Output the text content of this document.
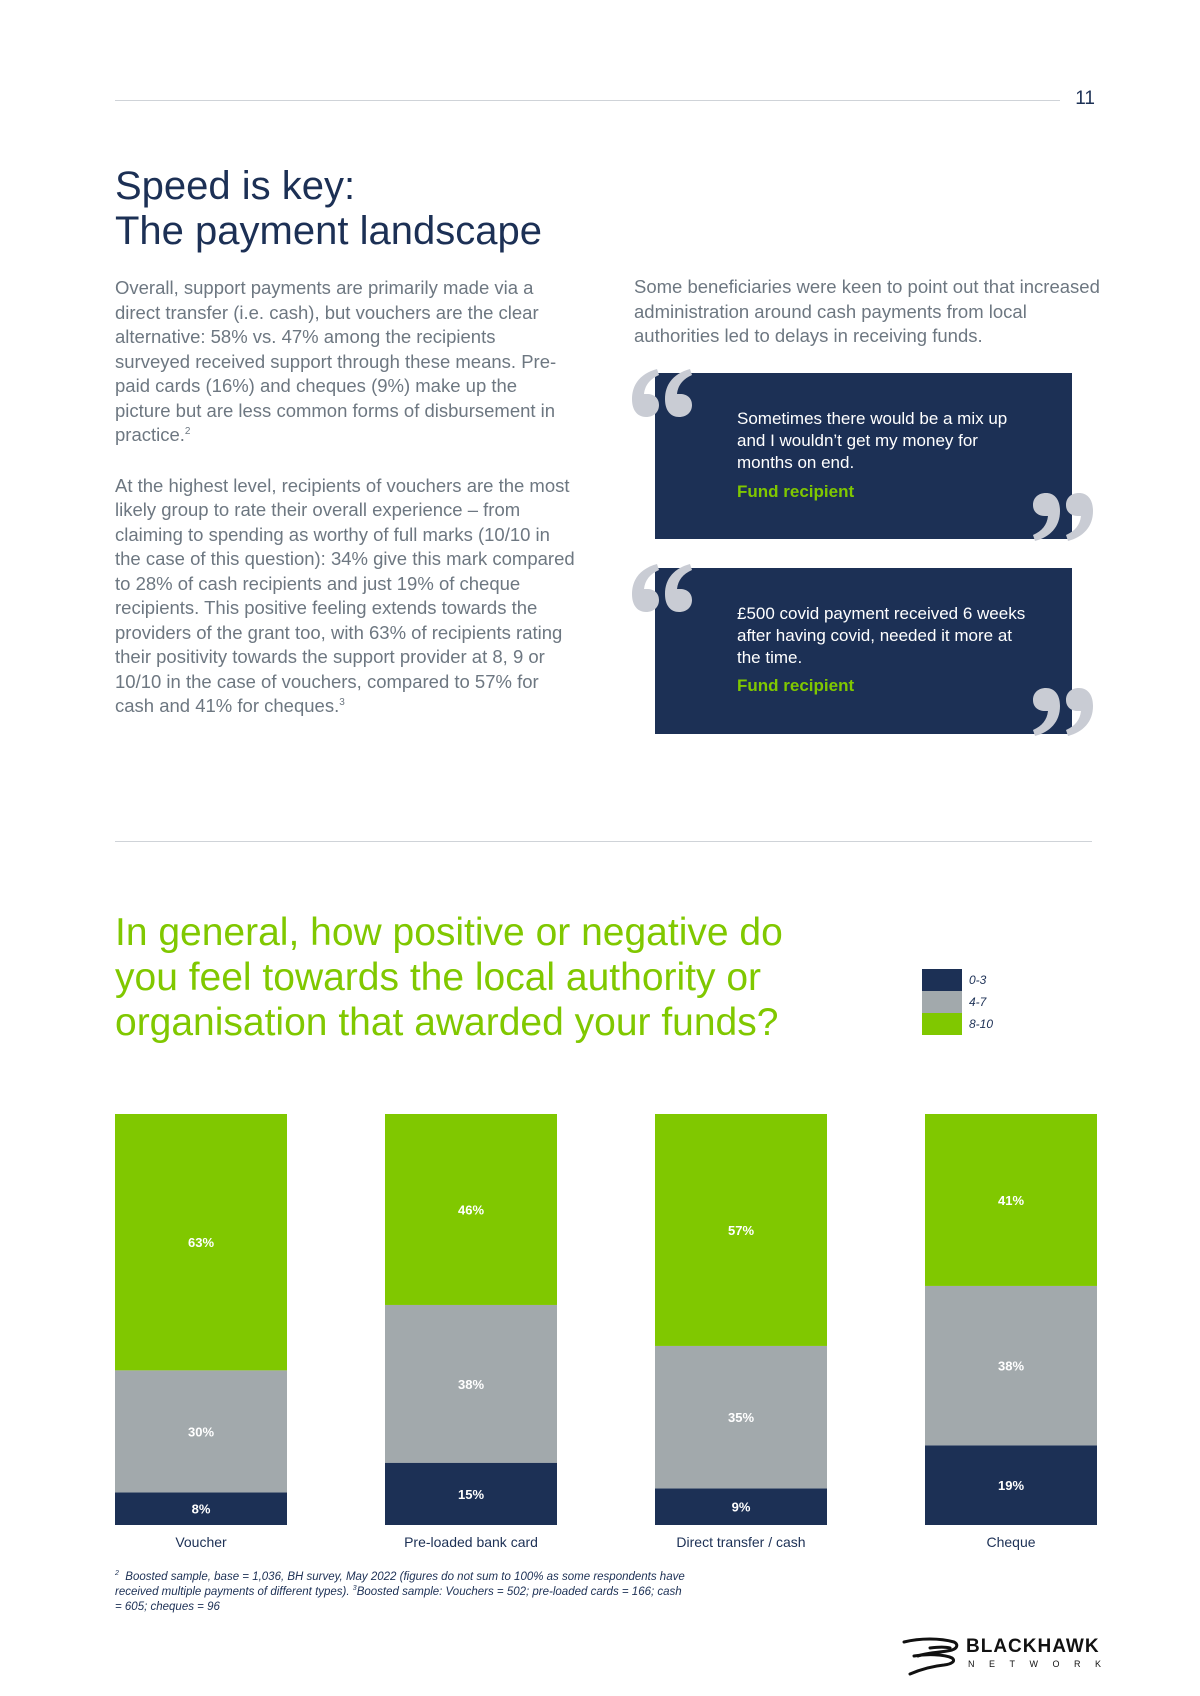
11
Speed is key:
The payment landscape

Overall, support payments are primarily made via a direct transfer (i.e. cash), but vouchers are the clear alternative: 58% vs. 47% among the recipients surveyed received support through these means. Pre-paid cards (16%) and cheques (9%) make up the picture but are less common forms of disbursement in practice.$^2$

At the highest level, recipients of vouchers are the most likely group to rate their overall experience – from claiming to spending as worthy of full marks (10/10 in the case of this question): 34% give this mark compared to 28% of cash recipients and just 19% of cheque recipients. This positive feeling extends towards the providers of the grant too, with 63% of recipients rating their positivity towards the support provider at 8, 9 or 10/10 in the case of vouchers, compared to 57% for cash and 41% for cheques.$^3$

Some beneficiaries were keen to point out that increased administration around cash payments from local authorities led to delays in receiving funds.
Sometimes there would be a mix up and I wouldn’t get my money for months on end.
Fund recipient
£500 covid payment received 6 weeks after having covid, needed it more at the time.
Fund recipient
In general, how positive or negative do you feel towards the local authority or organisation that awarded your funds?
0-3
4-7
8-10
8%
30%
63%
Voucher
15%
38%
46%
Pre-loaded bank card
9%
35%
57%
Direct transfer / cash
19%
38%
41%
Cheque
$^2$ Boosted sample, base = 1,036, BH survey, May 2022 (figures do not sum to 100% as some respondents have received multiple payments of different types). $^3$Boosted sample: Vouchers = 502; pre-loaded cards = 166; cash = 605; cheques = 96
BLACKHAWK
NETWORK
